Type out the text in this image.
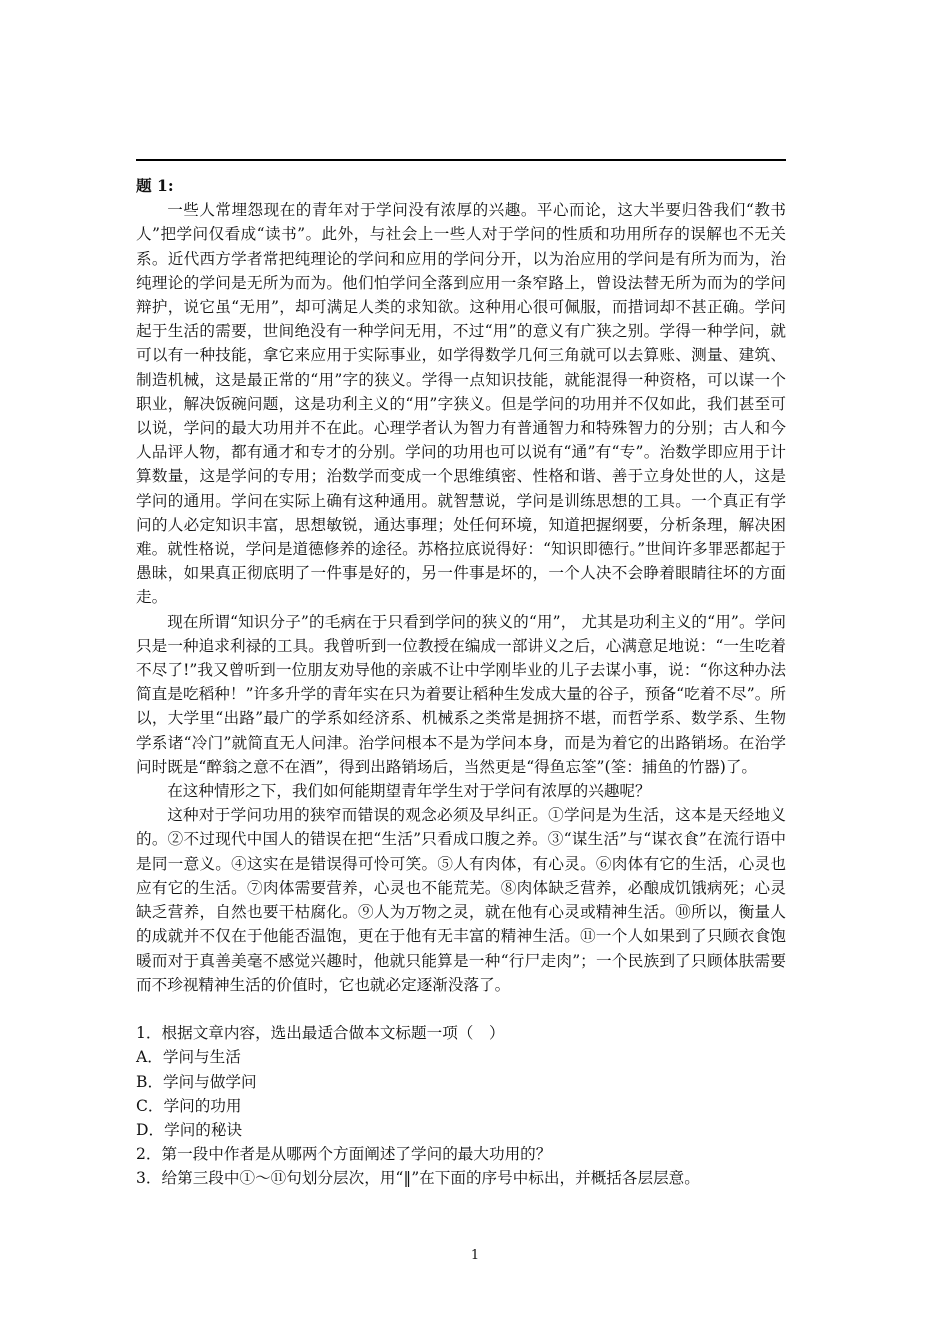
题 1:

一些人常埋怨现在的青年对于学问没有浓厚的兴趣。平心而论，这大半要归咎我们“教书人”把学问仅看成“读书”。此外，与社会上一些人对于学问的性质和功用所存的误解也不无关系。近代西方学者常把纯理论的学问和应用的学问分开，以为治应用的学问是有所为而为，治纯理论的学问是无所为而为。他们怕学问全落到应用一条窄路上，曾设法替无所为而为的学问辩护，说它虽“无用”，却可满足人类的求知欲。这种用心很可佩服，而措词却不甚正确。学问起于生活的需要，世间绝没有一种学问无用，不过“用”的意义有广狭之别。学得一种学问，就可以有一种技能，拿它来应用于实际事业，如学得数学几何三角就可以去算账、测量、建筑、制造机械，这是最正常的“用”字的狭义。学得一点知识技能，就能混得一种资格，可以谋一个职业，解决饭碗问题，这是功利主义的“用”字狭义。但是学问的功用并不仅如此，我们甚至可以说，学问的最大功用并不在此。心理学者认为智力有普通智力和特殊智力的分别；古人和今人品评人物，都有通才和专才的分别。学问的功用也可以说有“通”有“专”。治数学即应用于计算数量，这是学问的专用；治数学而变成一个思维缜密、性格和谐、善于立身处世的人，这是学问的通用。学问在实际上确有这种通用。就智慧说，学问是训练思想的工具。一个真正有学问的人必定知识丰富，思想敏锐，通达事理；处任何环境，知道把握纲要，分析条理，解决困难。就性格说，学问是道德修养的途径。苏格拉底说得好：“知识即德行。”世间许多罪恶都起于愚昧，如果真正彻底明了一件事是好的，另一件事是坏的，一个人决不会睁着眼睛往坏的方面走。

现在所谓“知识分子”的毛病在于只看到学问的狭义的“用”， 尤其是功利主义的“用”。学问只是一种追求利禄的工具。我曾听到一位教授在编成一部讲义之后，心满意足地说：“一生吃着不尽了!”我又曾听到一位朋友劝导他的亲戚不让中学刚毕业的儿子去谋小事，说：“你这种办法简直是吃稻种！”许多升学的青年实在只为着要让稻种生发成大量的谷子，预备“吃着不尽”。所以，大学里“出路”最广的学系如经济系、机械系之类常是拥挤不堪，而哲学系、数学系、生物学系诸“冷门”就简直无人问津。治学问根本不是为学问本身，而是为着它的出路销场。在治学问时既是“醉翁之意不在酒”，得到出路销场后，当然更是“得鱼忘筌”(筌：捕鱼的竹器)了。

在这种情形之下，我们如何能期望青年学生对于学问有浓厚的兴趣呢？

这种对于学问功用的狭窄而错误的观念必须及早纠正。①学问是为生活，这本是天经地义的。②不过现代中国人的错误在把“生活”只看成口腹之养。③“谋生活”与“谋衣食”在流行语中是同一意义。④这实在是错误得可怜可笑。⑤人有肉体，有心灵。⑥肉体有它的生活，心灵也应有它的生活。⑦肉体需要营养，心灵也不能荒芜。⑧肉体缺乏营养，必酿成饥饿病死；心灵缺乏营养，自然也要干枯腐化。⑨人为万物之灵，就在他有心灵或精神生活。⑩所以，衡量人的成就并不仅在于他能否温饱，更在于他有无丰富的精神生活。⑪一个人如果到了只顾衣食饱暖而对于真善美毫不感觉兴趣时，他就只能算是一种“行尸走肉”；一个民族到了只顾体肤需要而不珍视精神生活的价值时，它也就必定逐渐没落了。

1．根据文章内容，选出最适合做本文标题一项（　）

A．学问与生活

B．学问与做学问

C．学问的功用

D．学问的秘诀

2．第一段中作者是从哪两个方面阐述了学问的最大功用的？

3．给第三段中①～⑪句划分层次，用“‖”在下面的序号中标出，并概括各层层意。

1
